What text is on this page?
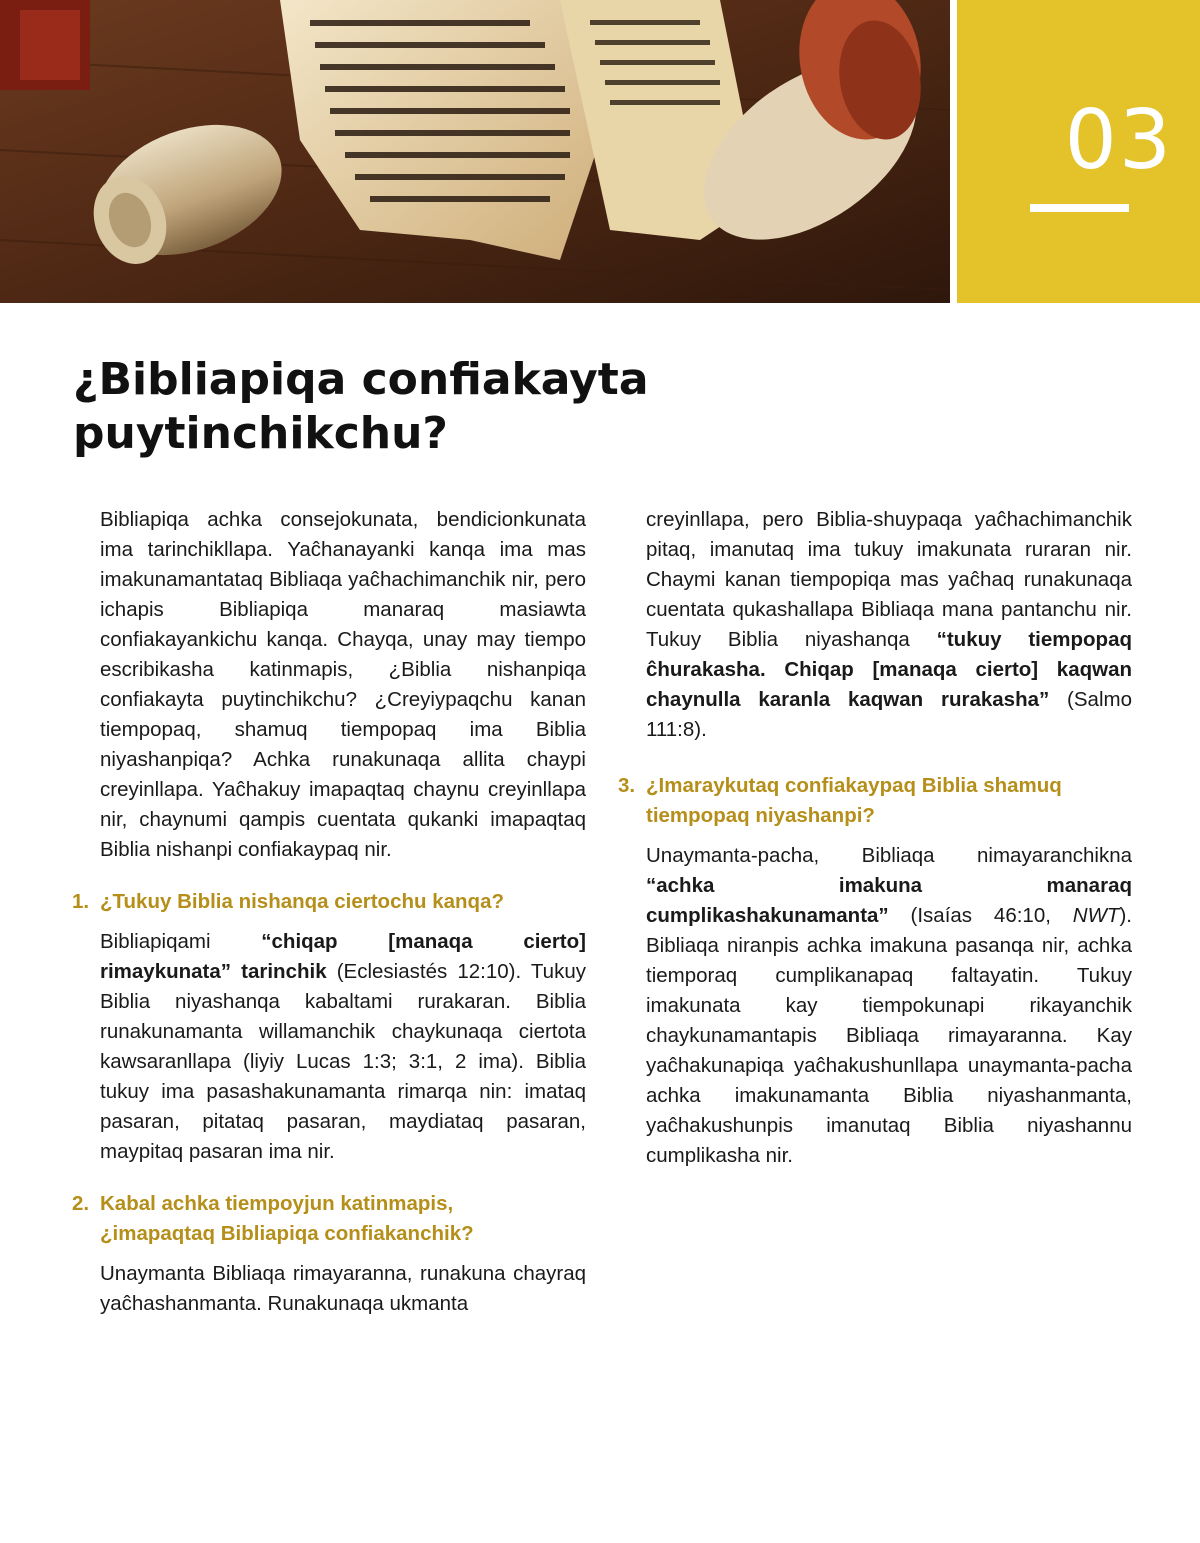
03
¿Bibliapiqa confiakayta
puytinchikchu?

Bibliapiqa achka consejokunata, bendicionkunata ima tarinchikllapa. Yaĉhanayanki kanqa ima mas imakunamantataq Bibliaqa yaĉhachimanchik nir, pero ichapis Bibliapiqa manaraq masiawta confiakayankichu kanqa. Chayqa, unay may tiempo escribikasha katinmapis, ¿Biblia nishanpiqa confiakayta puytinchikchu? ¿Creyiypaqchu kanan tiempopaq, shamuq tiempopaq ima Biblia niyashanpiqa? Achka runakunaqa allita chaypi creyinllapa. Yaĉhakuy imapaqtaq chaynu creyinllapa nir, chaynumi qampis cuentata qukanki imapaqtaq Biblia nishanpi confiakaypaq nir.

1. ¿Tukuy Biblia nishanqa ciertochu kanqa?

Bibliapiqami “chiqap [manaqa cierto] rimaykunata” tarinchik (Eclesiastés 12:10). Tukuy Biblia niyashanqa kabaltami rurakaran. Biblia runakunamanta willamanchik chaykunaqa ciertota kawsaranllapa (liyiy Lucas 1:3; 3:1, 2 ima). Biblia tukuy ima pasashakunamanta rimarqa nin: imataq pasaran, pitataq pasaran, maydiataq pasaran, maypitaq pasaran ima nir.

2. Kabal achka tiempoyjun katinmapis,
¿imapaqtaq Bibliapiqa confiakanchik?

Unaymanta Bibliaqa rimayaranna, runakuna chayraq yaĉhashanmanta. Runakunaqa ukmanta

creyinllapa, pero Biblia-shuypaqa yaĉhachimanchik pitaq, imanutaq ima tukuy imakunata ruraran nir. Chaymi kanan tiempopiqa mas yaĉhaq runakunaqa cuentata qukashallapa Bibliaqa mana pantanchu nir. Tukuy Biblia niyashanqa “tukuy tiempopaq ĉhurakasha. Chiqap [manaqa cierto] kaqwan chaynulla karanla kaqwan rurakasha” (Salmo 111:8).

3. ¿Imaraykutaq confiakaypaq Biblia shamuq
tiempopaq niyashanpi?

Unaymanta-pacha, Bibliaqa nimayaranchikna “achka imakuna manaraq cumplikashakunamanta” (Isaías 46:10, NWT). Bibliaqa niranpis achka imakuna pasanqa nir, achka tiemporaq cumplikanapaq faltayatin. Tukuy imakunata kay tiempokunapi rikayanchik chaykunamantapis Bibliaqa rimayaranna. Kay yaĉhakunapiqa yaĉhakushunllapa unaymanta-pacha achka imakunamanta Biblia niyashanmanta, yaĉhakushunpis imanutaq Biblia niyashannu cumplikasha nir.
